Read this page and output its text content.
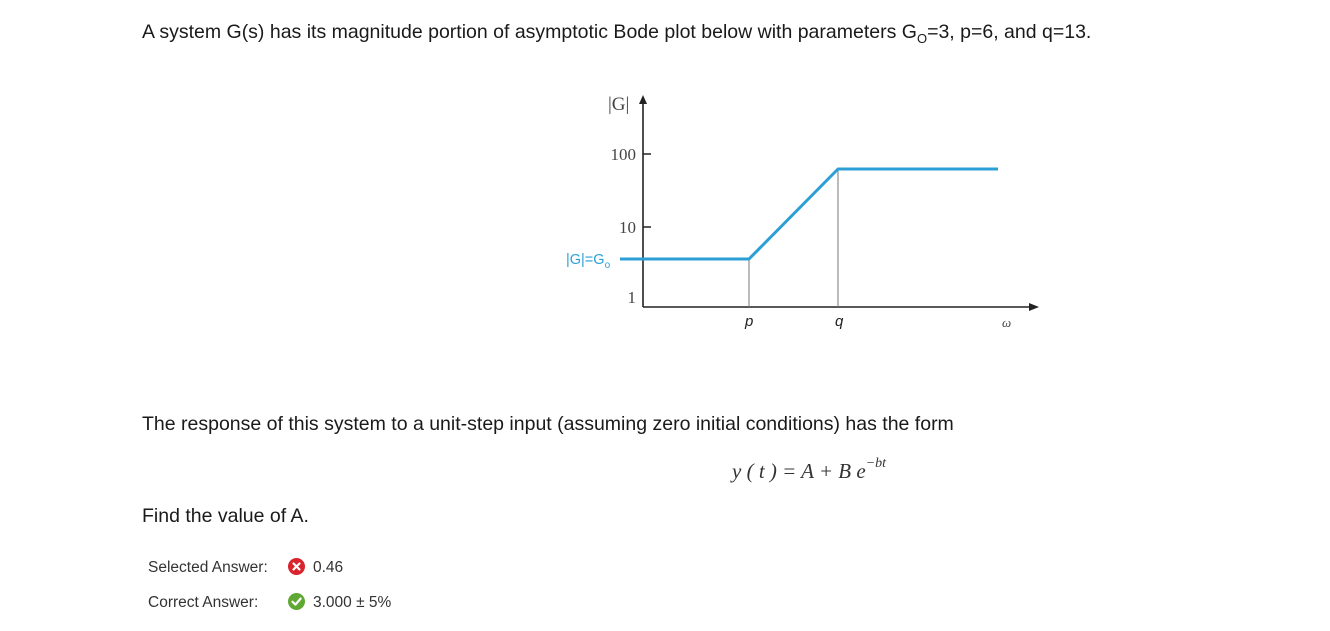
A system G(s) has its magnitude portion of asymptotic Bode plot below with parameters $G_O=3$, p=6, and q=13.
|G|
100
10
1
$|G|=G_o$
p	q	ω
The response of this system to a unit-step input (assuming zero initial conditions) has the form
y ( t ) = A + B $e^{-bt}$
Find the value of A.
Selected Answer:	0.46
Correct Answer:	3.000 ± 5%
